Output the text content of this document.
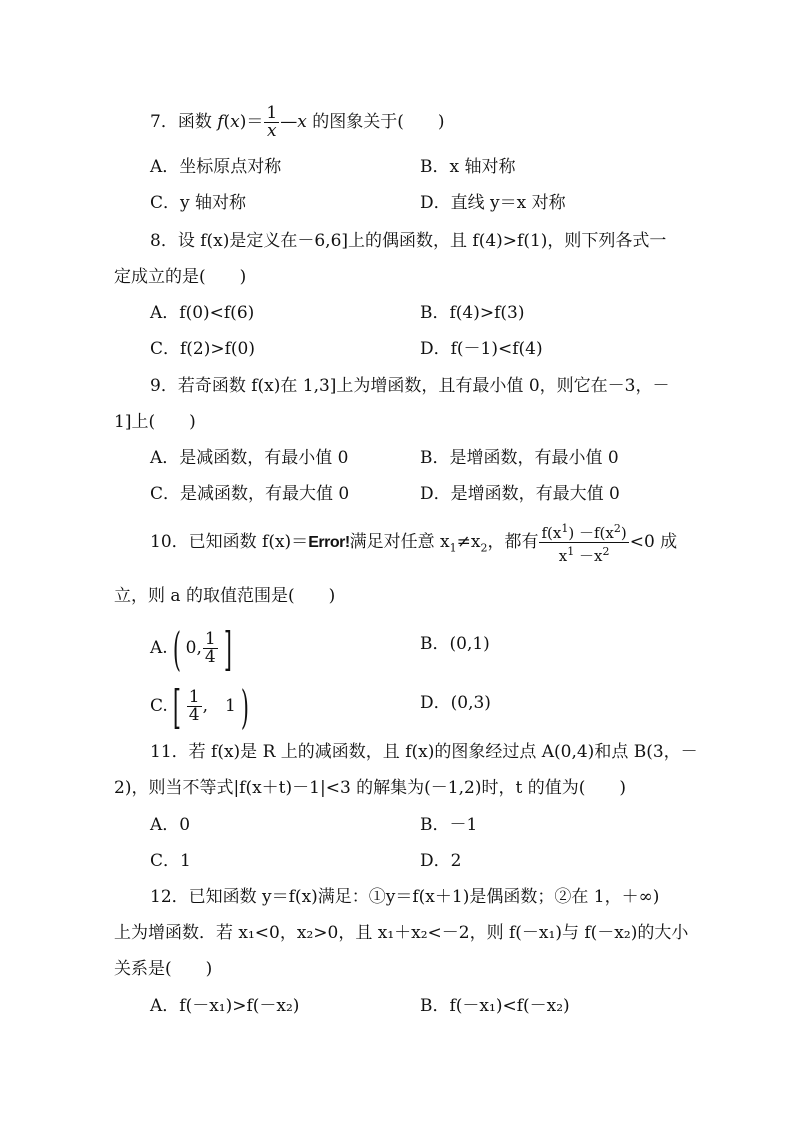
7．函数 $f(x)= \frac{1}{x}$ —x 的图象关于(　　)
A．坐标原点对称	B．x 轴对称
C．y 轴对称	D．直线 y＝x 对称
8．设 f(x)是定义在－6,6]上的偶函数，且 f(4)>f(1)，则下列各式一
定成立的是(　　)
A．f(0)<f(6)	B．f(4)>f(3)
C．f(2)>f(0)	D．f(－1)<f(4)
9．若奇函数 f(x)在 1,3]上为增函数，且有最小值 0，则它在－3，－
1]上(　　)
A．是减函数，有最小值 0	B．是增函数，有最小值 0
C．是减函数，有最大值 0	D．是增函数，有最大值 0
10．已知函数 f(x)＝Error!满足对任意 $x_1\ne x_2$，都有 $\frac{f(x^1) -f(x^2)}{x^1 -x^2} <0$ 成
立，则 a 的取值范围是(　　)
A. ( 0, $\frac{1}{4}$ ]	B．(0,1)
C. [ $\frac{1}{4}$ ,　1 )	D．(0,3)
11．若 f(x)是 R 上的减函数，且 f(x)的图象经过点 A(0,4)和点 B(3，－
2)，则当不等式|f(x＋t)－1|<3 的解集为(－1,2)时，t 的值为(　　)
A．0	B．－1
C．1	D．2
12．已知函数 y＝f(x)满足：①y＝f(x＋1)是偶函数；②在 1，＋∞)
上为增函数．若 x₁<0，x₂>0，且 x₁＋x₂<－2，则 f(－x₁)与 f(－x₂)的大小
关系是(　　)
A．f(－x₁)>f(－x₂)	B．f(－x₁)<f(－x₂)
